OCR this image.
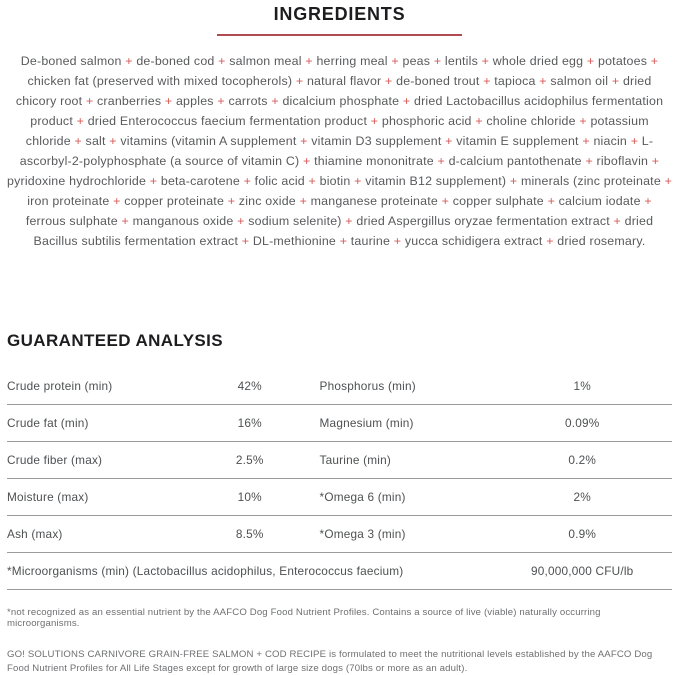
INGREDIENTS

De-boned salmon + de-boned cod + salmon meal + herring meal + peas + lentils + whole dried egg + potatoes + chicken fat (preserved with mixed tocopherols) + natural flavor + de-boned trout + tapioca + salmon oil + dried chicory root + cranberries + apples + carrots + dicalcium phosphate + dried Lactobacillus acidophilus fermentation product + dried Enterococcus faecium fermentation product + phosphoric acid + choline chloride + potassium chloride + salt + vitamins (vitamin A supplement + vitamin D3 supplement + vitamin E supplement + niacin + L-ascorbyl-2-polyphosphate (a source of vitamin C) + thiamine mononitrate + d-calcium pantothenate + riboflavin + pyridoxine hydrochloride + beta-carotene + folic acid + biotin + vitamin B12 supplement) + minerals (zinc proteinate + iron proteinate + copper proteinate + zinc oxide + manganese proteinate + copper sulphate + calcium iodate + ferrous sulphate + manganous oxide + sodium selenite) + dried Aspergillus oryzae fermentation extract + dried Bacillus subtilis fermentation extract + DL-methionine + taurine + yucca schidigera extract + dried rosemary.

GUARANTEED ANALYSIS
Crude protein (min)	42%	Phosphorus (min)	1%
Crude fat (min)	16%	Magnesium (min)	0.09%
Crude fiber (max)	2.5%	Taurine (min)	0.2%
Moisture (max)	10%	*Omega 6 (min)	2%
Ash (max)	8.5%	*Omega 3 (min)	0.9%
*Microorganisms (min) (Lactobacillus acidophilus, Enterococcus faecium)			90,000,000 CFU/lb

*not recognized as an essential nutrient by the AAFCO Dog Food Nutrient Profiles. Contains a source of live (viable) naturally occurring microorganisms.

GO! SOLUTIONS CARNIVORE GRAIN-FREE SALMON + COD RECIPE is formulated to meet the nutritional levels established by the AAFCO Dog Food Nutrient Profiles for All Life Stages except for growth of large size dogs (70lbs or more as an adult).
